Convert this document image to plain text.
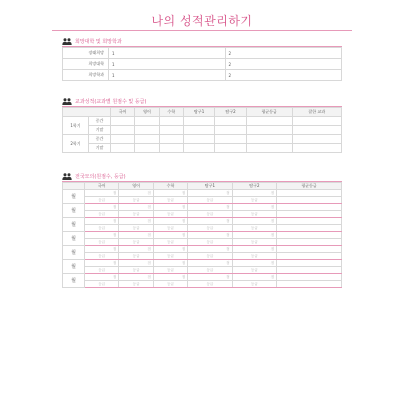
나의 성적관리하기
희망대학 및 희망학과
장래희망	1	2
희망대학	1	2
희망학과	1	2
교과성적(교과별 원점수 및 등급)
		국어	영어	수학	탐구1	탐구2	평균등급	잘한 교과
1학기	중간							
	기말							
2학기	중간							
	기말							
전국모의(원점수, 등급)
	국어	영어	수학	탐구1	탐구2	평균등급
월	점	점	점	점	점	
	등급	등급	등급	등급	등급	
월	점	점	점	점	점	
	등급	등급	등급	등급	등급	
월	점	점	점	점	점	
	등급	등급	등급	등급	등급	
월	점	점	점	점	점	
	등급	등급	등급	등급	등급	
월	점	점	점	점	점	
	등급	등급	등급	등급	등급	
월	점	점	점	점	점	
	등급	등급	등급	등급	등급	
월	점	점	점	점	점	
	등급	등급	등급	등급	등급	
